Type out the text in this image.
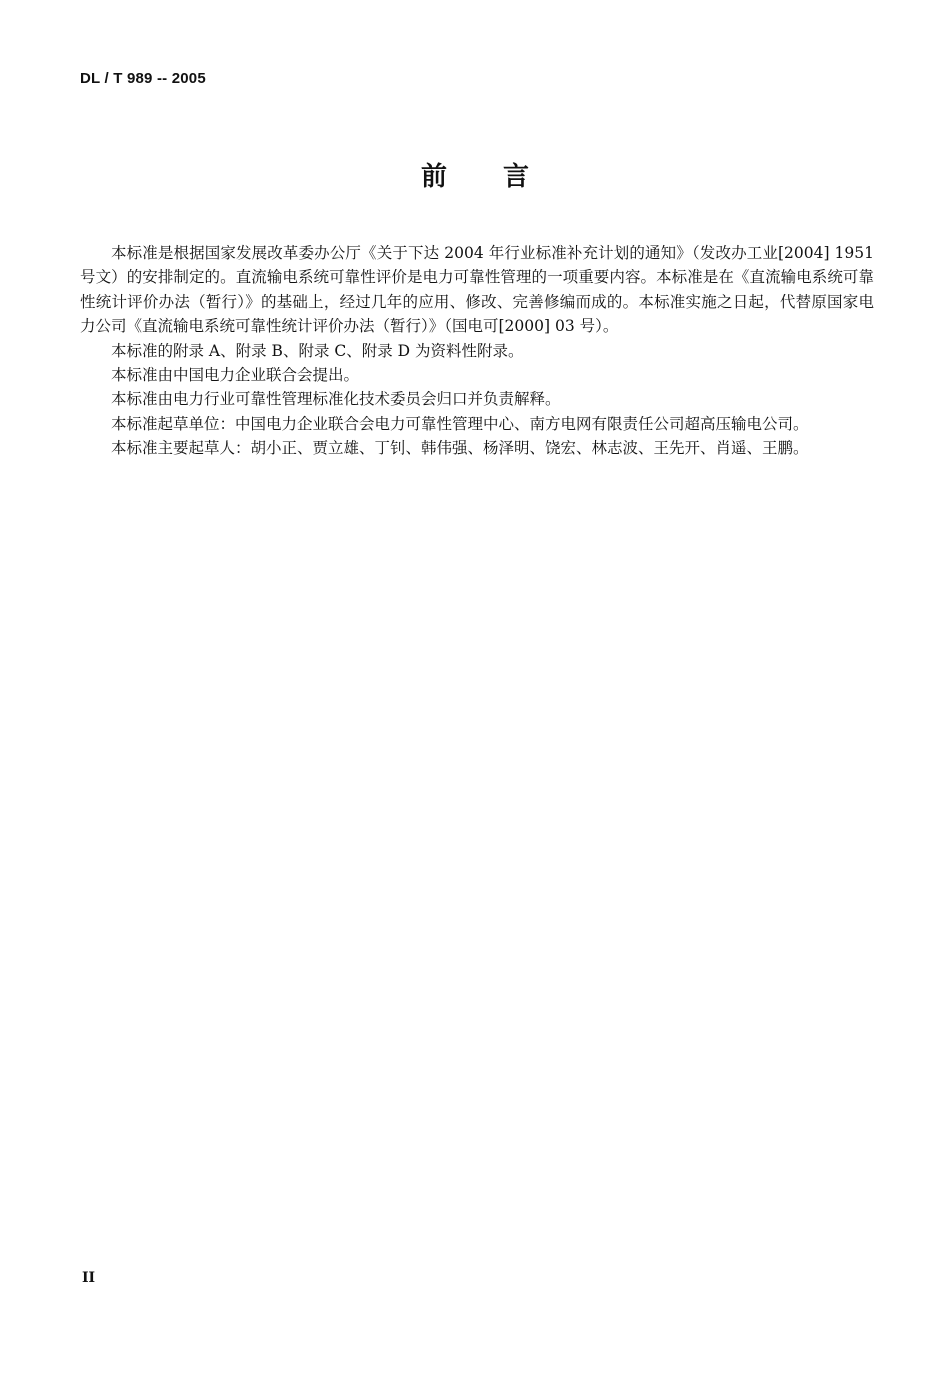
DL / T 989 -- 2005
前言

本标准是根据国家发展改革委办公厅《关于下达 2004 年行业标准补充计划的通知》（发改办工业[2004] 1951 号文）的安排制定的。直流输电系统可靠性评价是电力可靠性管理的一项重要内容。本标准是在《直流输电系统可靠性统计评价办法（暂行）》的基础上，经过几年的应用、修改、完善修编而成的。本标准实施之日起，代替原国家电力公司《直流输电系统可靠性统计评价办法（暂行）》（国电可[2000] 03 号）。

本标准的附录 A、附录 B、附录 C、附录 D 为资料性附录。

本标准由中国电力企业联合会提出。

本标准由电力行业可靠性管理标准化技术委员会归口并负责解释。

本标准起草单位：中国电力企业联合会电力可靠性管理中心、南方电网有限责任公司超高压输电公司。

本标准主要起草人：胡小正、贾立雄、丁钊、韩伟强、杨泽明、饶宏、林志波、王先开、肖遥、王鹏。

II
